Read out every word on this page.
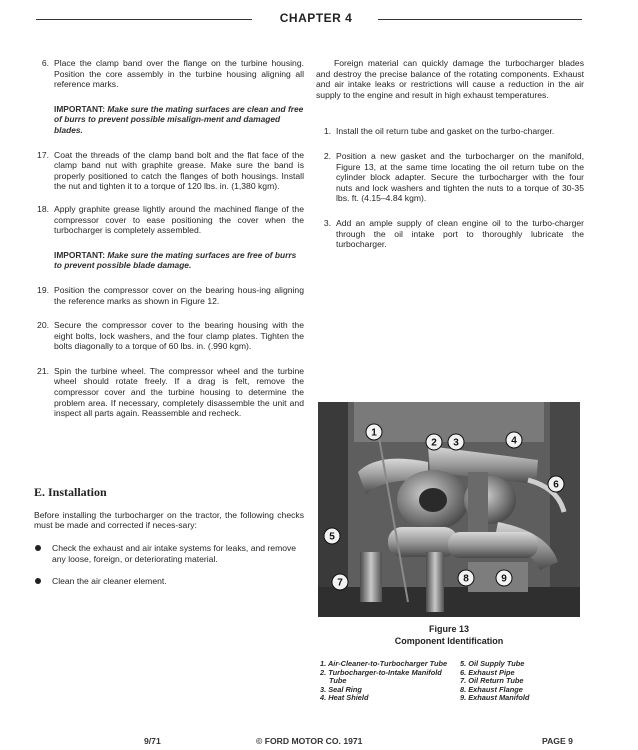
CHAPTER 4
6. Place the clamp band over the flange on the turbine housing. Position the core assembly in the turbine housing aligning all reference marks.
IMPORTANT: Make sure the mating surfaces are clean and free of burrs to prevent possible misalign-ment and damaged blades.
17. Coat the threads of the clamp band bolt and the flat face of the clamp band nut with graphite grease. Make sure the band is properly positioned to catch the flanges of both housings. Install the nut and tighten it to a torque of 120 lbs. in. (1,380 kgm).
18. Apply graphite grease lightly around the machined flange of the compressor cover to ease positioning the cover when the turbocharger is completely assembled.
IMPORTANT: Make sure the mating surfaces are free of burrs to prevent possible blade damage.
19. Position the compressor cover on the bearing hous-ing aligning the reference marks as shown in Figure 12.
20. Secure the compressor cover to the bearing housing with the eight bolts, lock washers, and the four clamp plates. Tighten the bolts diagonally to a torque of 60 lbs. in. (.990 kgm).
21. Spin the turbine wheel. The compressor wheel and the turbine wheel should rotate freely. If a drag is felt, remove the compressor cover and the turbine housing to determine the problem area. If necessary, completely disassemble the unit and inspect all parts again. Reassemble and recheck.
E. Installation
Before installing the turbocharger on the tractor, the following checks must be made and corrected if neces-sary:
Check the exhaust and air intake systems for leaks, and remove any loose, foreign, or deteriorating material.
Clean the air cleaner element.
Foreign material can quickly damage the turbocharger blades and destroy the precise balance of the rotating components. Exhaust and air intake leaks or restrictions will cause a reduction in the air supply to the engine and result in high exhaust temperatures.
1. Install the oil return tube and gasket on the turbo-charger.
2. Position a new gasket and the turbocharger on the manifold, Figure 13, at the same time locating the oil return tube on the cylinder block adapter. Secure the turbocharger with the four nuts and lock washers and tighten the nuts to a torque of 30-35 lbs. ft. (4.15–4.84 kgm).
3. Add an ample supply of clean engine oil to the turbo-charger through the oil intake port to thoroughly lubricate the turbocharger.
1
2 3	4
5
6
7	8	9
Figure 13
Component Identification
1. Air-Cleaner-to-Turbocharger Tube
2. Turbocharger-to-Intake Manifold Tube
3. Seal Ring
4. Heat Shield
5. Oil Supply Tube
6. Exhaust Pipe
7. Oil Return Tube
8. Exhaust Flange
9. Exhaust Manifold
9/71	© FORD MOTOR CO. 1971	PAGE 9
